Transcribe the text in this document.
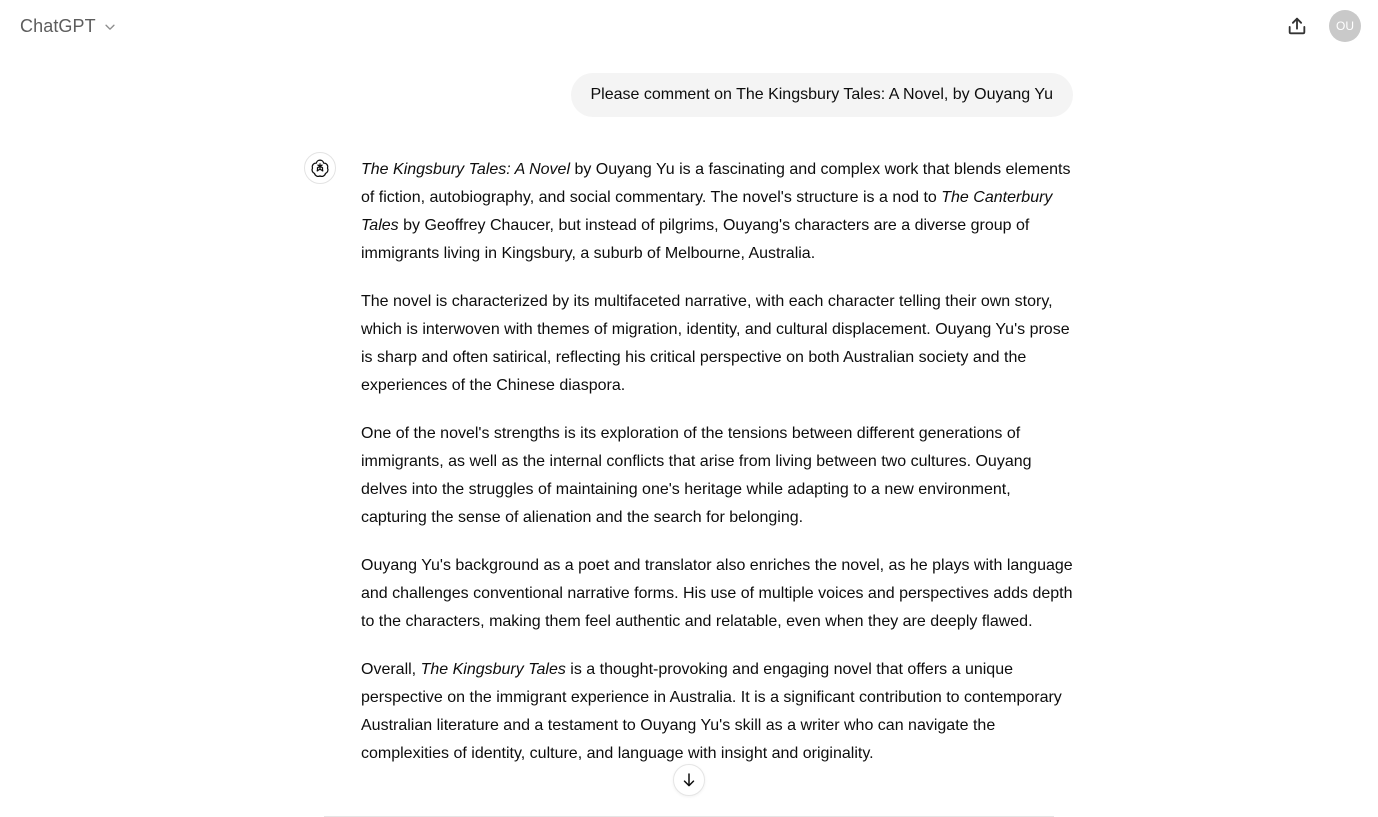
ChatGPT	OU
Please comment on The Kingsbury Tales: A Novel, by Ouyang Yu

The Kingsbury Tales: A Novel by Ouyang Yu is a fascinating and complex work that blends elements of fiction, autobiography, and social commentary. The novel's structure is a nod to The Canterbury Tales by Geoffrey Chaucer, but instead of pilgrims, Ouyang's characters are a diverse group of immigrants living in Kingsbury, a suburb of Melbourne, Australia.

The novel is characterized by its multifaceted narrative, with each character telling their own story, which is interwoven with themes of migration, identity, and cultural displacement. Ouyang Yu's prose is sharp and often satirical, reflecting his critical perspective on both Australian society and the experiences of the Chinese diaspora.

One of the novel's strengths is its exploration of the tensions between different generations of immigrants, as well as the internal conflicts that arise from living between two cultures. Ouyang delves into the struggles of maintaining one's heritage while adapting to a new environment, capturing the sense of alienation and the search for belonging.

Ouyang Yu's background as a poet and translator also enriches the novel, as he plays with language and challenges conventional narrative forms. His use of multiple voices and perspectives adds depth to the characters, making them feel authentic and relatable, even when they are deeply flawed.

Overall, The Kingsbury Tales is a thought-provoking and engaging novel that offers a unique perspective on the immigrant experience in Australia. It is a significant contribution to contemporary Australian literature and a testament to Ouyang Yu's skill as a writer who can navigate the complexities of identity, culture, and language with insight and originality.
